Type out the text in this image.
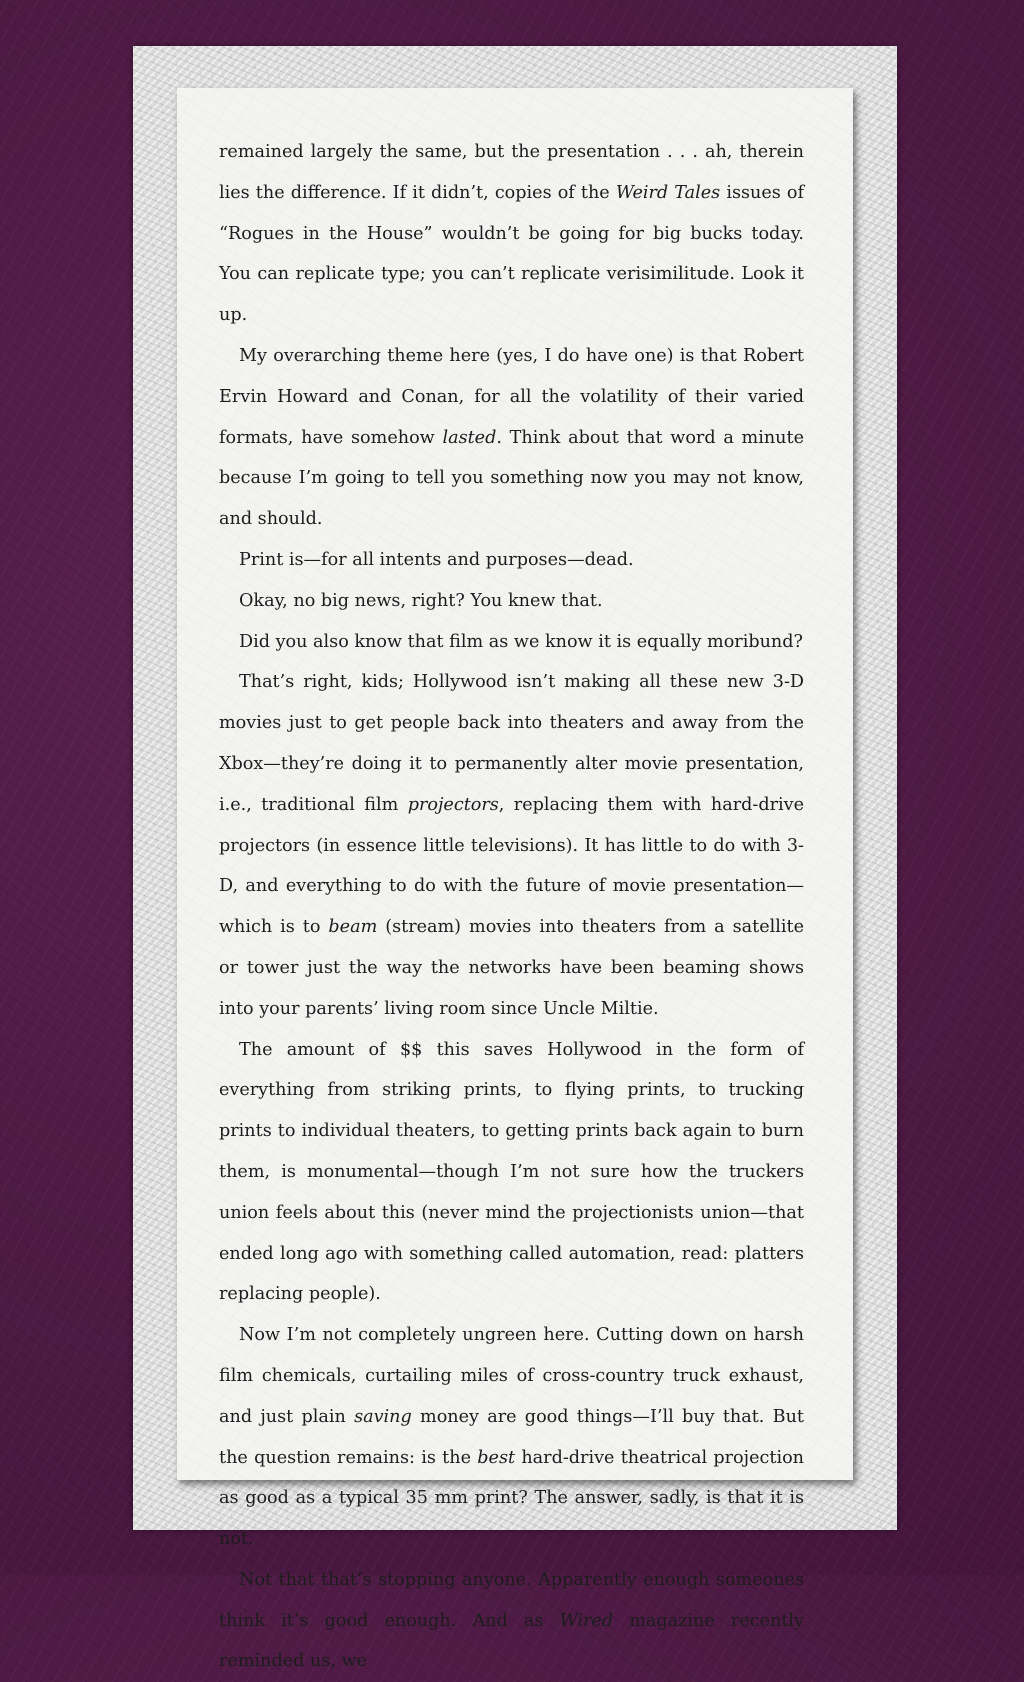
remained largely the same, but the presentation . . . ah, therein lies the difference. If it didn’t, copies of the Weird Tales issues of “Rogues in the House” wouldn’t be going for big bucks today. You can replicate type; you can’t replicate verisimilitude. Look it up.

My overarching theme here (yes, I do have one) is that Robert Ervin Howard and Conan, for all the volatility of their varied formats, have somehow lasted. Think about that word a minute because I’m going to tell you something now you may not know, and should.

Print is—for all intents and purposes—dead.

Okay, no big news, right? You knew that.

Did you also know that film as we know it is equally moribund?

That’s right, kids; Hollywood isn’t making all these new 3-D movies just to get people back into theaters and away from the Xbox—they’re doing it to permanently alter movie presentation, i.e., traditional film projectors, replacing them with hard-drive projectors (in essence little televisions). It has little to do with 3-D, and everything to do with the future of movie presentation—which is to beam (stream) movies into theaters from a satellite or tower just the way the networks have been beaming shows into your parents’ living room since Uncle Miltie.

The amount of $$ this saves Hollywood in the form of everything from striking prints, to flying prints, to trucking prints to individual theaters, to getting prints back again to burn them, is monumental—though I’m not sure how the truckers union feels about this (never mind the projectionists union—that ended long ago with something called automation, read: platters replacing people).

Now I’m not completely ungreen here. Cutting down on harsh film chemicals, curtailing miles of cross-country truck exhaust, and just plain saving money are good things—I’ll buy that. But the question remains: is the best hard-drive theatrical projection as good as a typical 35 mm print? The answer, sadly, is that it is not.

Not that that’s stopping anyone. Apparently enough someones think it’s good enough. And as Wired magazine recently reminded us, we
